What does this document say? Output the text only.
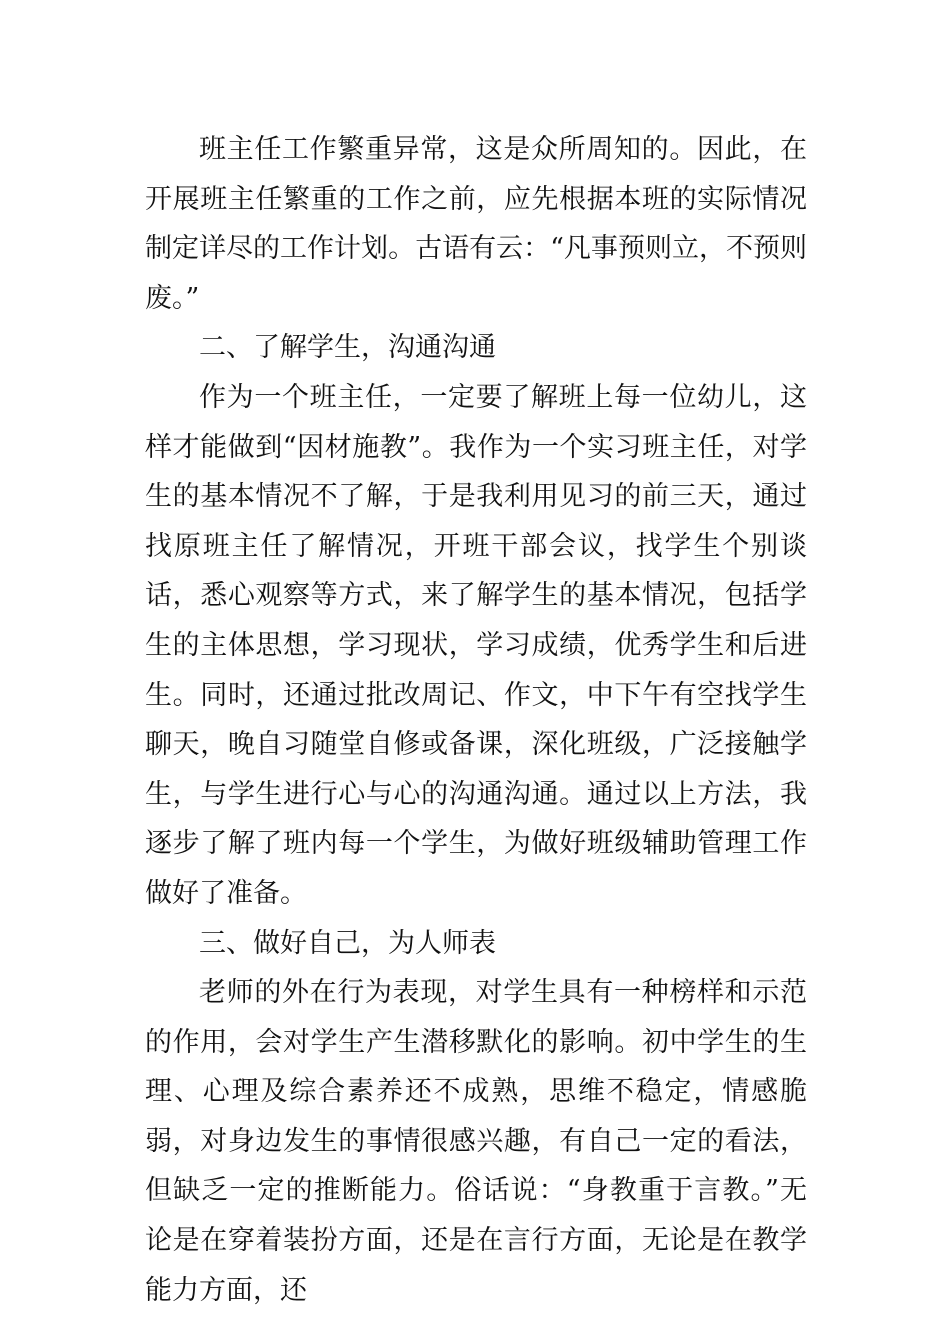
班主任工作繁重异常，这是众所周知的。因此，在开展班主任繁重的工作之前，应先根据本班的实际情况制定详尽的工作计划。古语有云：“凡事预则立，不预则废。”

二、了解学生，沟通沟通

作为一个班主任，一定要了解班上每一位幼儿，这样才能做到“因材施教”。我作为一个实习班主任，对学生的基本情况不了解，于是我利用见习的前三天，通过找原班主任了解情况，开班干部会议，找学生个别谈话，悉心观察等方式，来了解学生的基本情况，包括学生的主体思想，学习现状，学习成绩，优秀学生和后进生。同时，还通过批改周记、作文，中下午有空找学生聊天，晚自习随堂自修或备课，深化班级，广泛接触学生，与学生进行心与心的沟通沟通。通过以上方法，我逐步了解了班内每一个学生，为做好班级辅助管理工作做好了准备。

三、做好自己，为人师表

老师的外在行为表现，对学生具有一种榜样和示范的作用，会对学生产生潜移默化的影响。初中学生的生理、心理及综合素养还不成熟，思维不稳定，情感脆弱，对身边发生的事情很感兴趣，有自己一定的看法，但缺乏一定的推断能力。俗话说：“身教重于言教。”无论是在穿着装扮方面，还是在言行方面，无论是在教学能力方面，还
